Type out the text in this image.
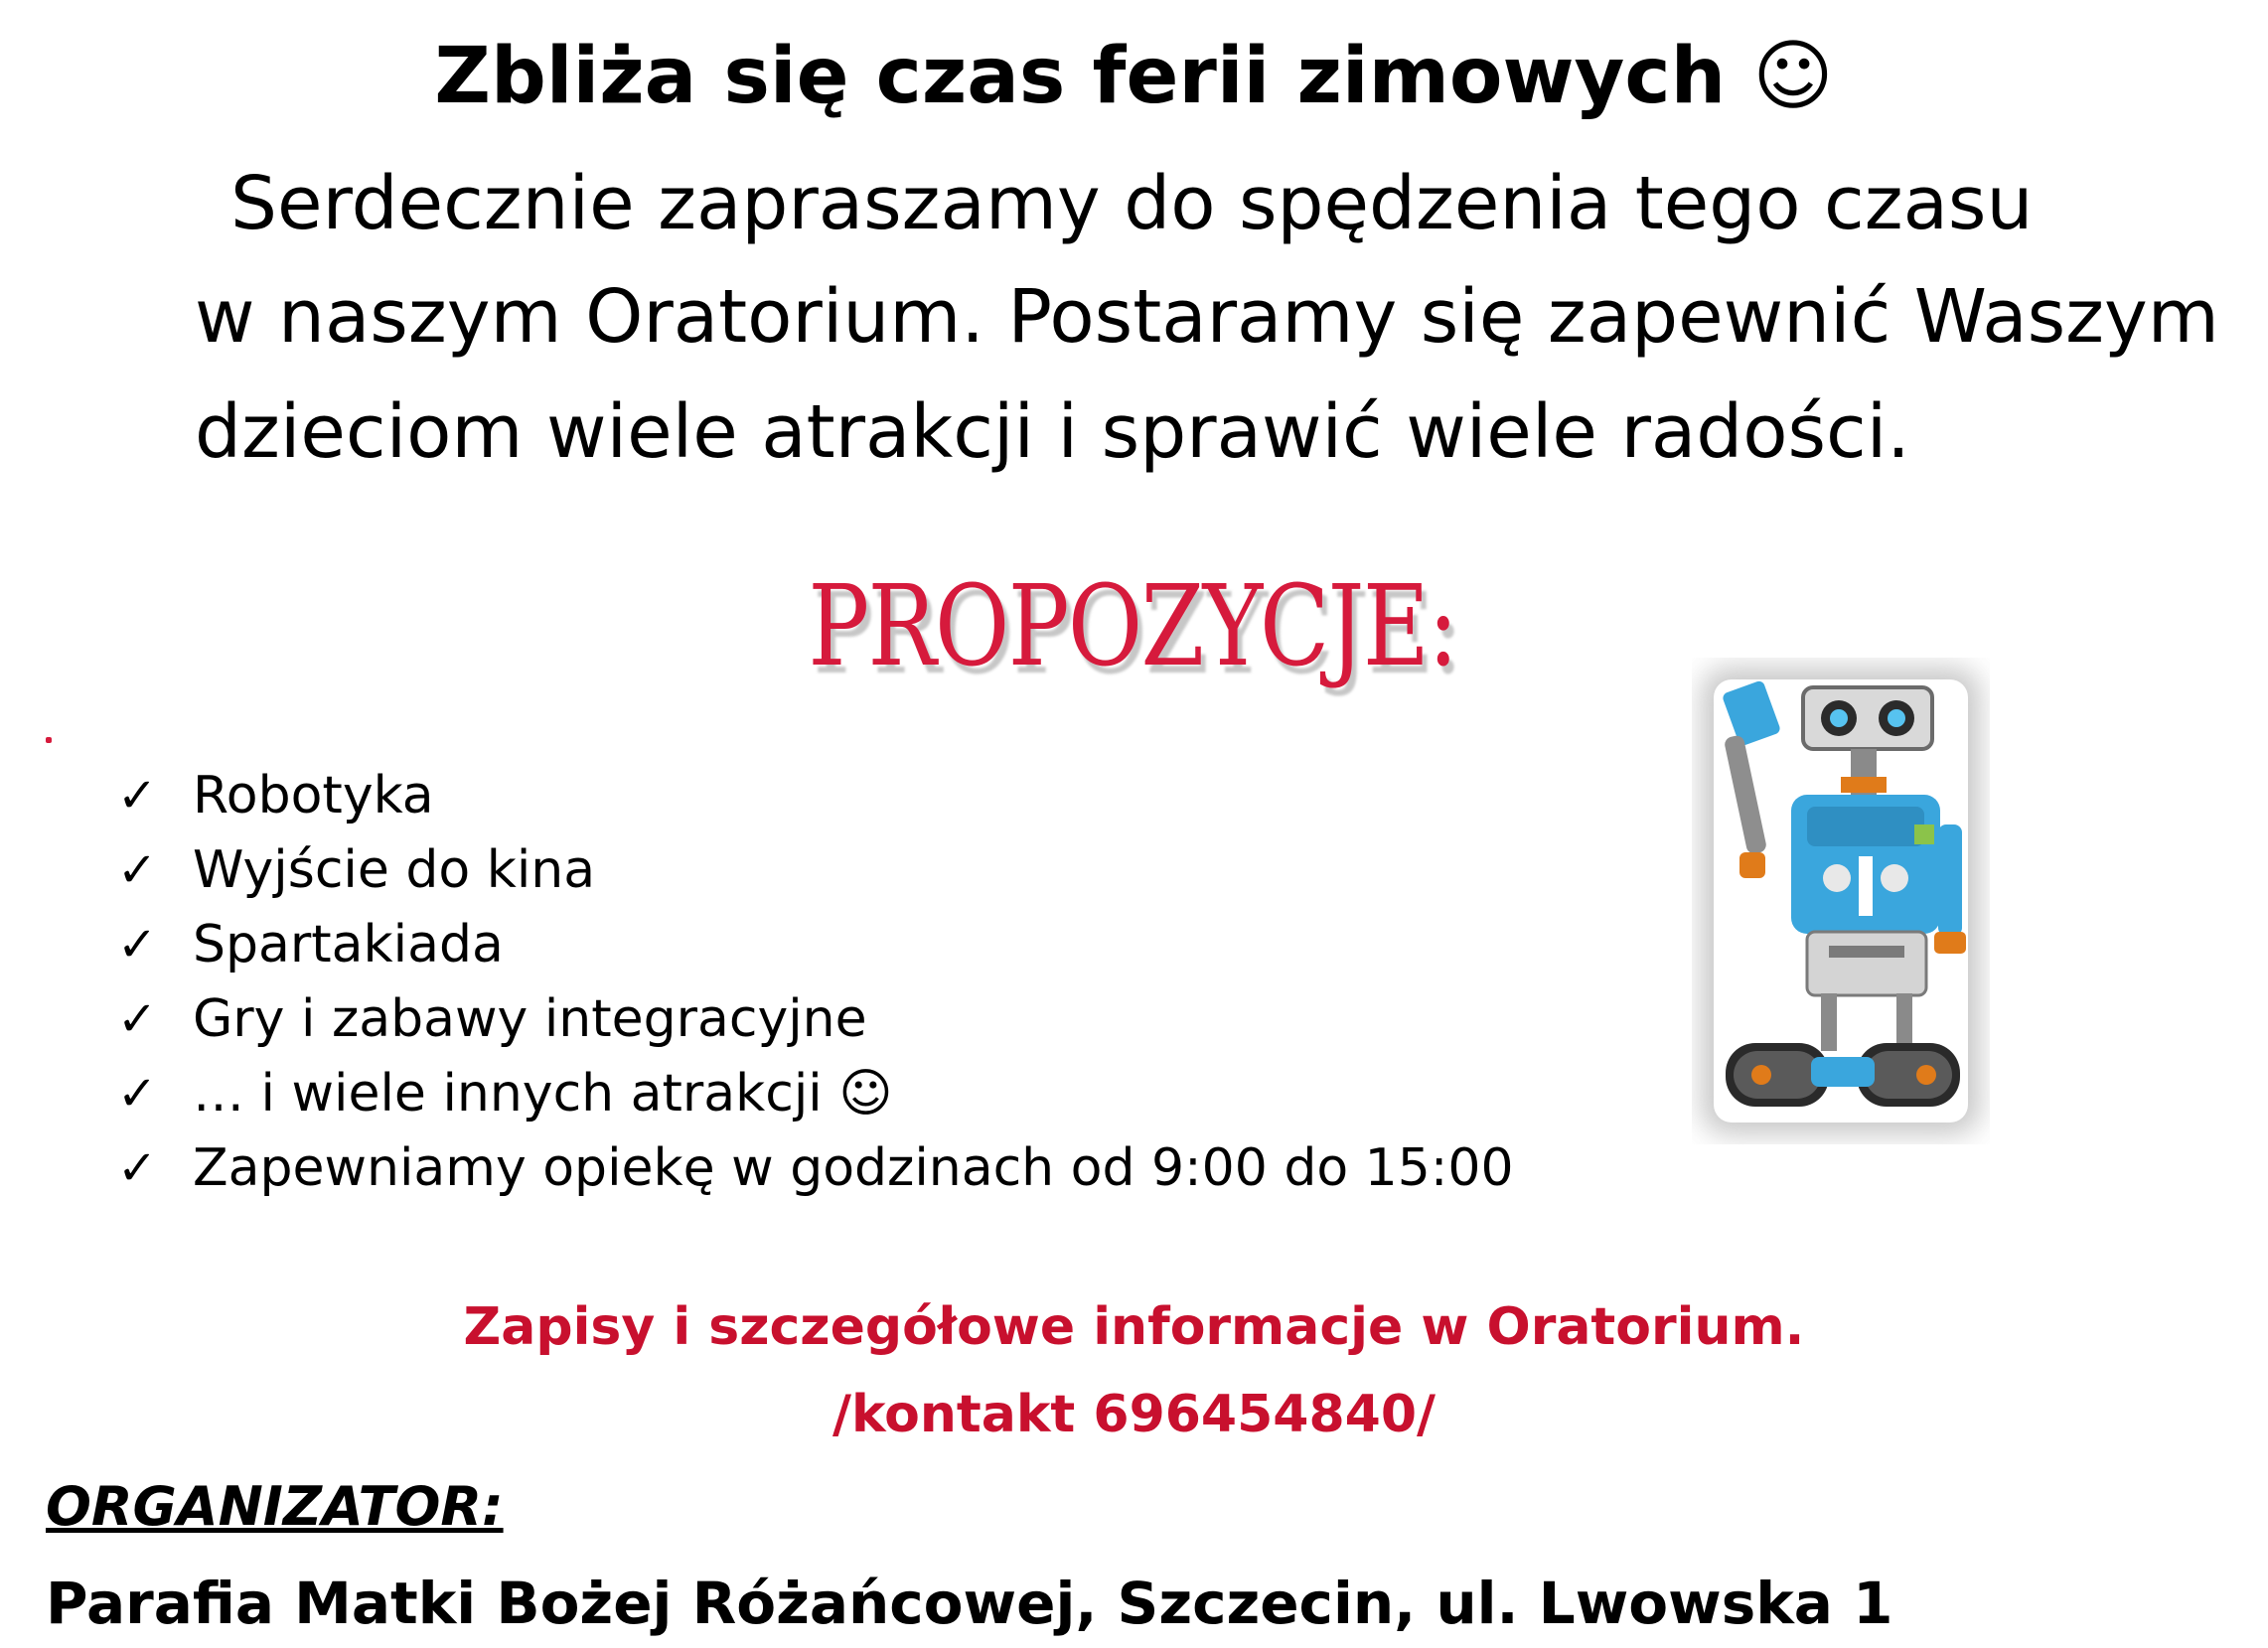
Zbliża się czas ferii zimowych ☺
Serdecznie zapraszamy do spędzenia tego czasu
w naszym Oratorium. Postaramy się zapewnić Waszym
dzieciom wiele atrakcji i sprawić wiele radości.
PROPOZYCJE:
✓ Robotyka
✓ Wyjście do kina
✓ Spartakiada
✓ Gry i zabawy integracyjne
✓ … i wiele innych atrakcji ☺
✓ Zapewniamy opiekę w godzinach od 9:00 do 15:00
Zapisy i szczegółowe informacje w Oratorium.
/kontakt 696454840/
ORGANIZATOR:
Parafia Matki Bożej Różańcowej, Szczecin, ul. Lwowska 1
